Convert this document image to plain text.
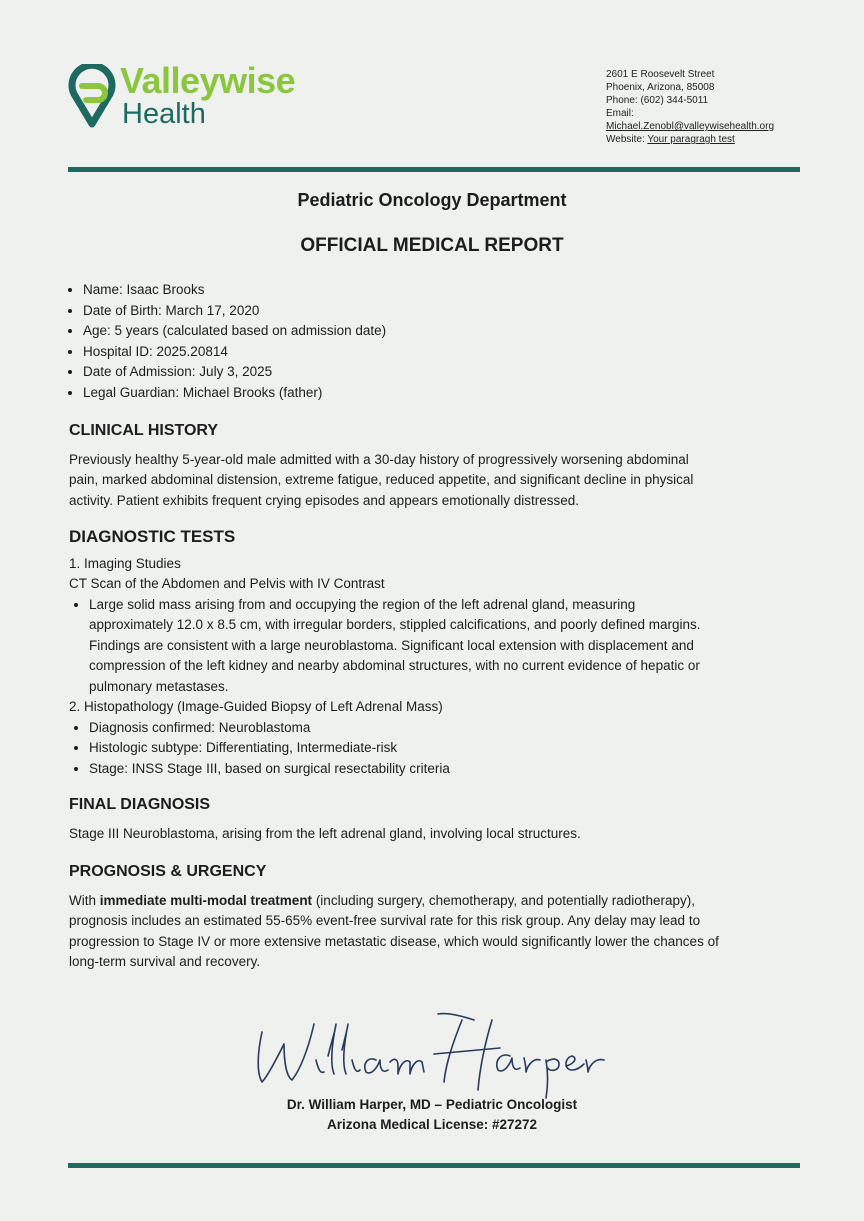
Valleywise
Health
2601 E Roosevelt Street
Phoenix, Arizona, 85008
Phone: (602) 344-5011
Email:
Michael.Zenobl@valleywisehealth.org
Website: Your paragragh test
Pediatric Oncology Department
OFFICIAL MEDICAL REPORT
• Name: Isaac Brooks
• Date of Birth: March 17, 2020
• Age: 5 years (calculated based on admission date)
• Hospital ID: 2025.20814
• Date of Admission: July 3, 2025
• Legal Guardian: Michael Brooks (father)
CLINICAL HISTORY

Previously healthy 5-year-old male admitted with a 30-day history of progressively worsening abdominal pain, marked abdominal distension, extreme fatigue, reduced appetite, and significant decline in physical activity. Patient exhibits frequent crying episodes and appears emotionally distressed.

DIAGNOSTIC TESTS

1. Imaging Studies

CT Scan of the Abdomen and Pelvis with IV Contrast

• Large solid mass arising from and occupying the region of the left adrenal gland, measuring approximately 12.0 x 8.5 cm, with irregular borders, stippled calcifications, and poorly defined margins. Findings are consistent with a large neuroblastoma. Significant local extension with displacement and compression of the left kidney and nearby abdominal structures, with no current evidence of hepatic or pulmonary metastases.

2. Histopathology (Image-Guided Biopsy of Left Adrenal Mass)

• Diagnosis confirmed: Neuroblastoma
• Histologic subtype: Differentiating, Intermediate-risk
• Stage: INSS Stage III, based on surgical resectability criteria
FINAL DIAGNOSIS

Stage III Neuroblastoma, arising from the left adrenal gland, involving local structures.

PROGNOSIS & URGENCY

With immediate multi-modal treatment (including surgery, chemotherapy, and potentially radiotherapy), prognosis includes an estimated 55-65% event-free survival rate for this risk group. Any delay may lead to progression to Stage IV or more extensive metastatic disease, which would significantly lower the chances of long-term survival and recovery.

Dr. William Harper, MD – Pediatric Oncologist
Arizona Medical License: #27272
